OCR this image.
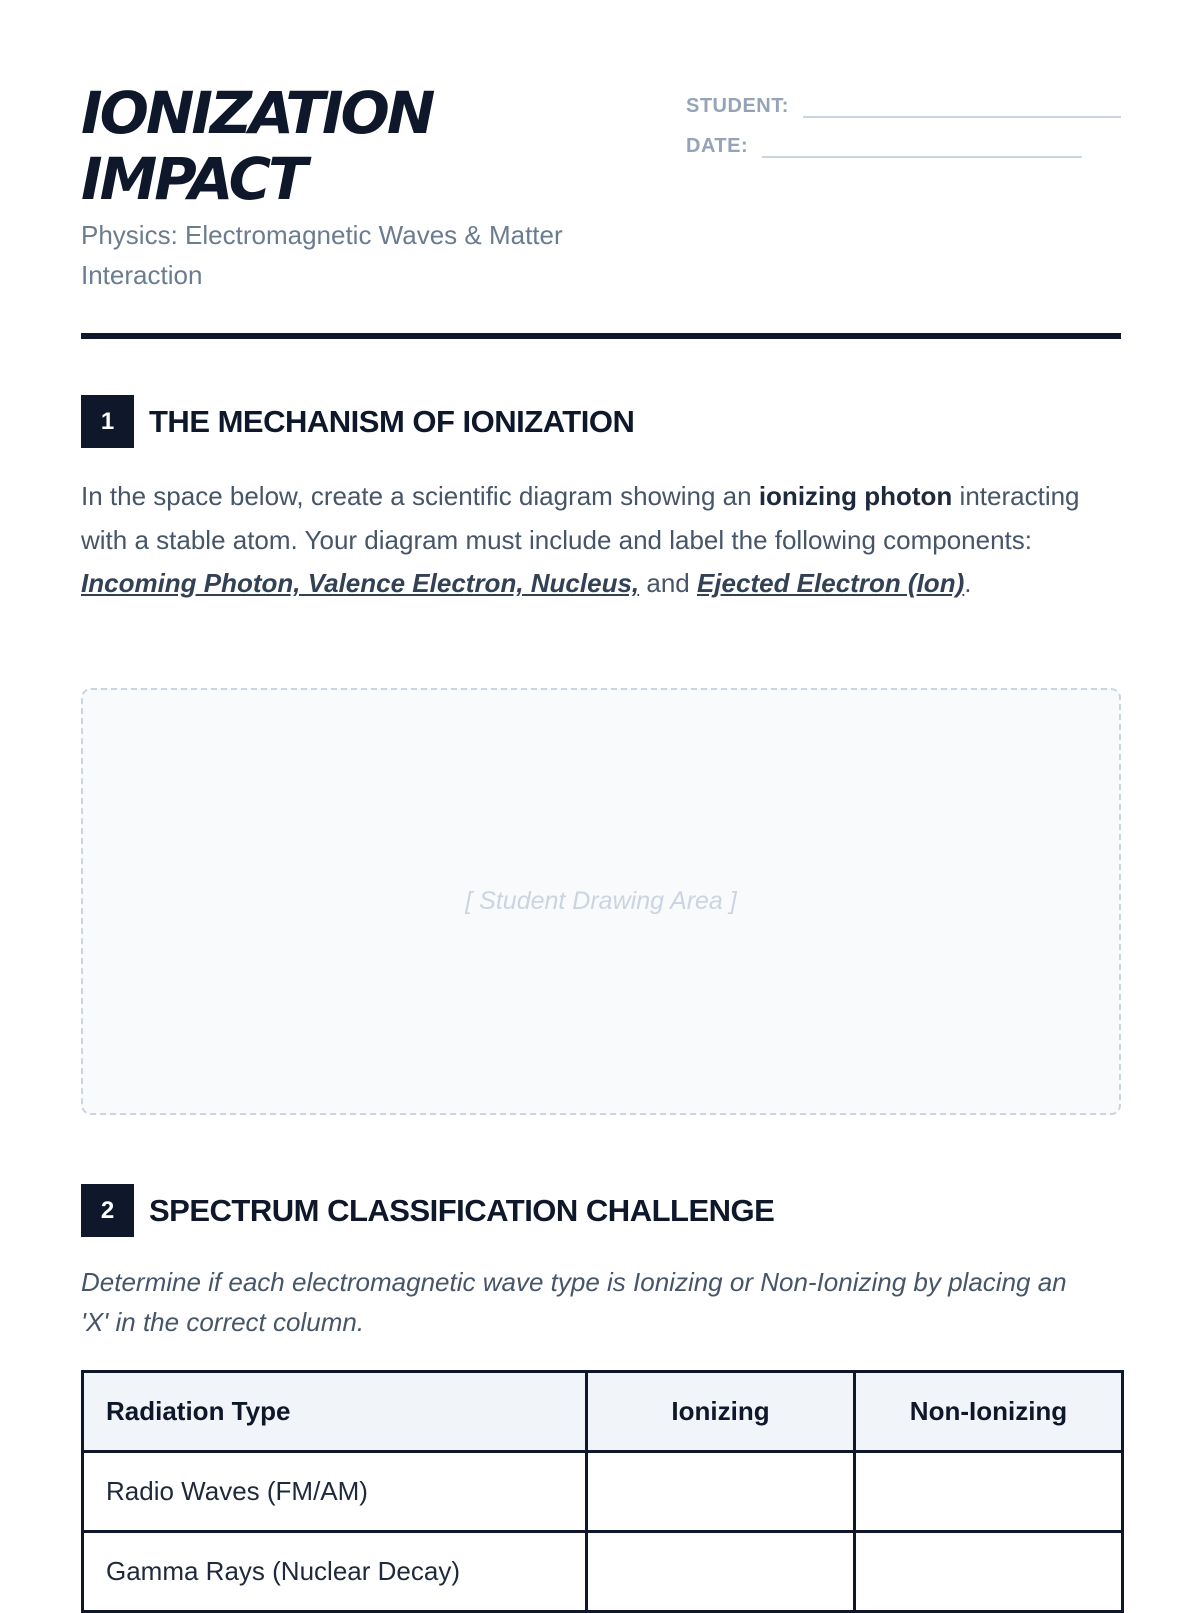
IONIZATION
IMPACT
Physics: Electromagnetic Waves & Matter Interaction
STUDENT:
DATE:
1	THE MECHANISM OF IONIZATION
In the space below, create a scientific diagram showing an ionizing photon interacting with a stable atom. Your diagram must include and label the following components: Incoming Photon, Valence Electron, Nucleus, and Ejected Electron (Ion).
[ Student Drawing Area ]
2	SPECTRUM CLASSIFICATION CHALLENGE
Determine if each electromagnetic wave type is Ionizing or Non-Ionizing by placing an 'X' in the correct column.
Radiation Type	Ionizing	Non-Ionizing
Radio Waves (FM/AM)		
Gamma Rays (Nuclear Decay)		
